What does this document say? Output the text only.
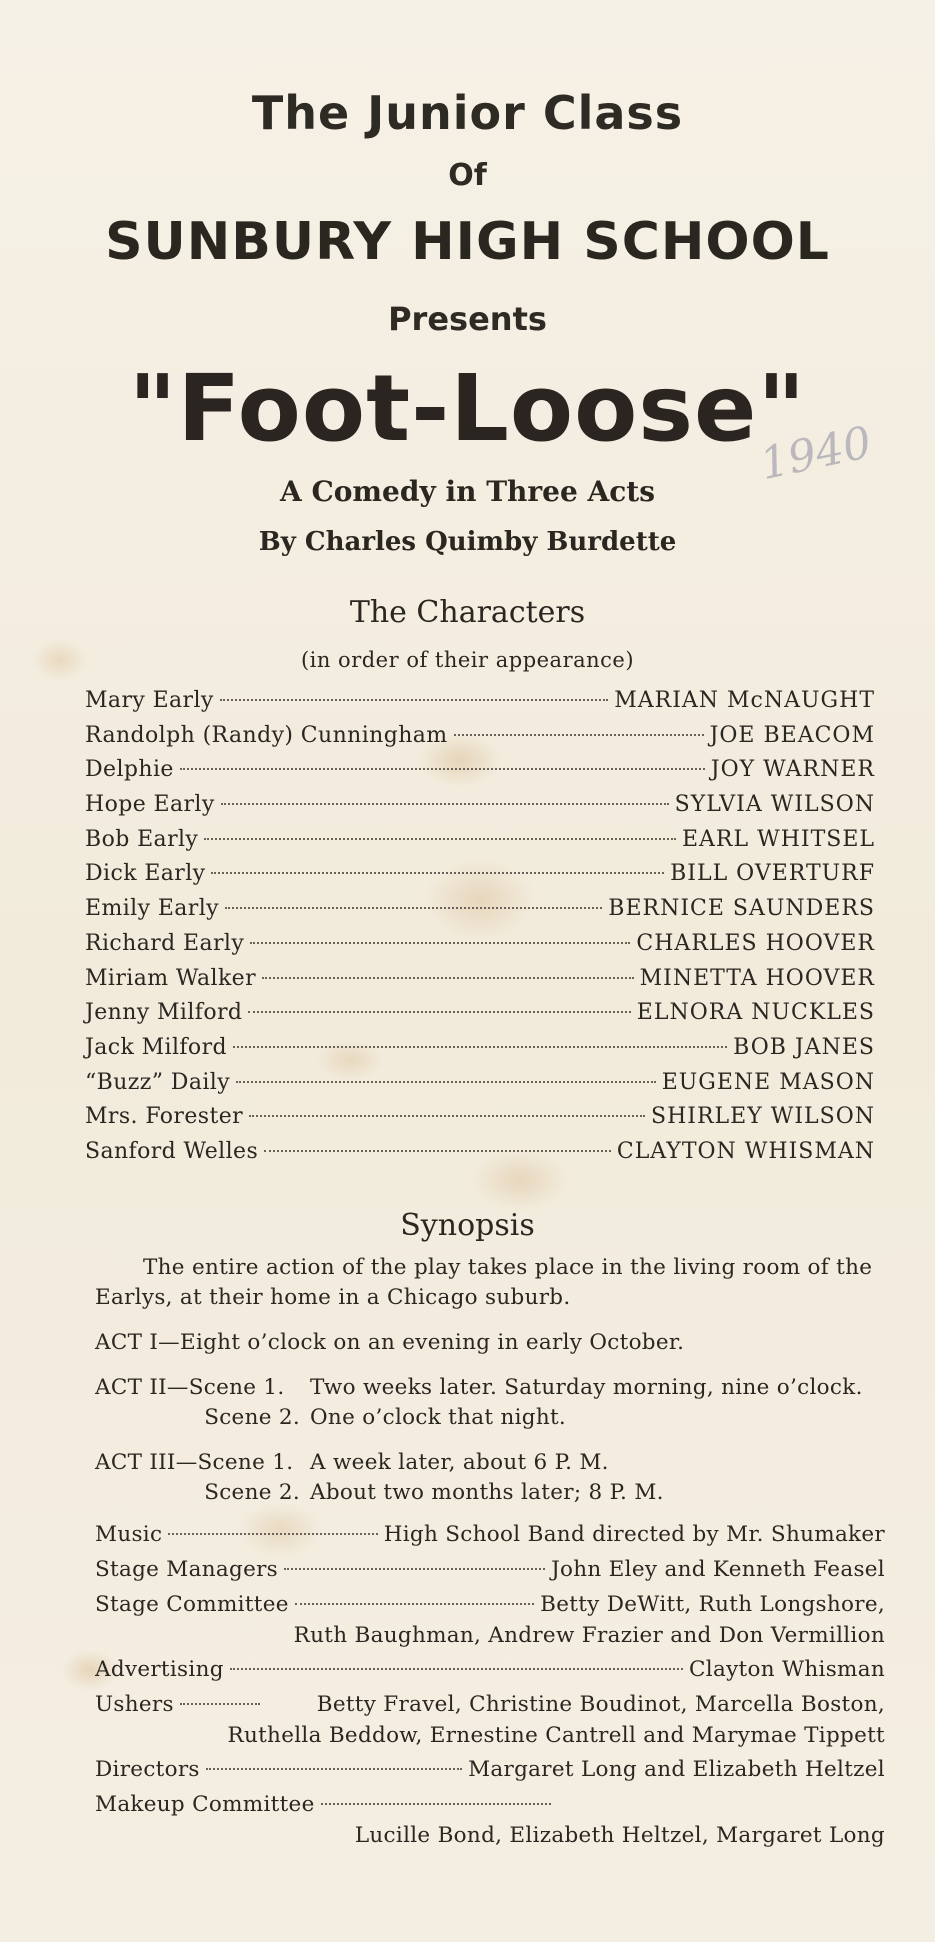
The Junior Class
Of
SUNBURY HIGH SCHOOL
Presents
"Foot-Loose"
A Comedy in Three Acts
By Charles Quimby Burdette
1940
The Characters
(in order of their appearance)
Mary Early	MARIAN McNAUGHT
Randolph (Randy) Cunningham	JOE BEACOM
Delphie	JOY WARNER
Hope Early	SYLVIA WILSON
Bob Early	EARL WHITSEL
Dick Early	BILL OVERTURF
Emily Early	BERNICE SAUNDERS
Richard Early	CHARLES HOOVER
Miriam Walker	MINETTA HOOVER
Jenny Milford	ELNORA NUCKLES
Jack Milford	BOB JANES
“Buzz” Daily	EUGENE MASON
Mrs. Forester	SHIRLEY WILSON
Sanford Welles	CLAYTON WHISMAN
Synopsis
The entire action of the play takes place in the living room of the Earlys, at their home in a Chicago suburb.
ACT I—Eight o’clock on an evening in early October.
ACT II—Scene 1.	Two weeks later. Saturday morning, nine o’clock.
Scene 2. One o’clock that night.
ACT III—Scene 1. A week later, about 6 P. M.
Scene 2. About two months later; 8 P. M.
Music	High School Band directed by Mr. Shumaker
Stage Managers	John Eley and Kenneth Feasel
Stage Committee	Betty DeWitt, Ruth Longshore,
Ruth Baughman, Andrew Frazier and Don Vermillion
Advertising	Clayton Whisman
Ushers	Betty Fravel, Christine Boudinot, Marcella Boston,
Ruthella Beddow, Ernestine Cantrell and Marymae Tippett
Directors	Margaret Long and Elizabeth Heltzel
Makeup Committee
Lucille Bond, Elizabeth Heltzel, Margaret Long
